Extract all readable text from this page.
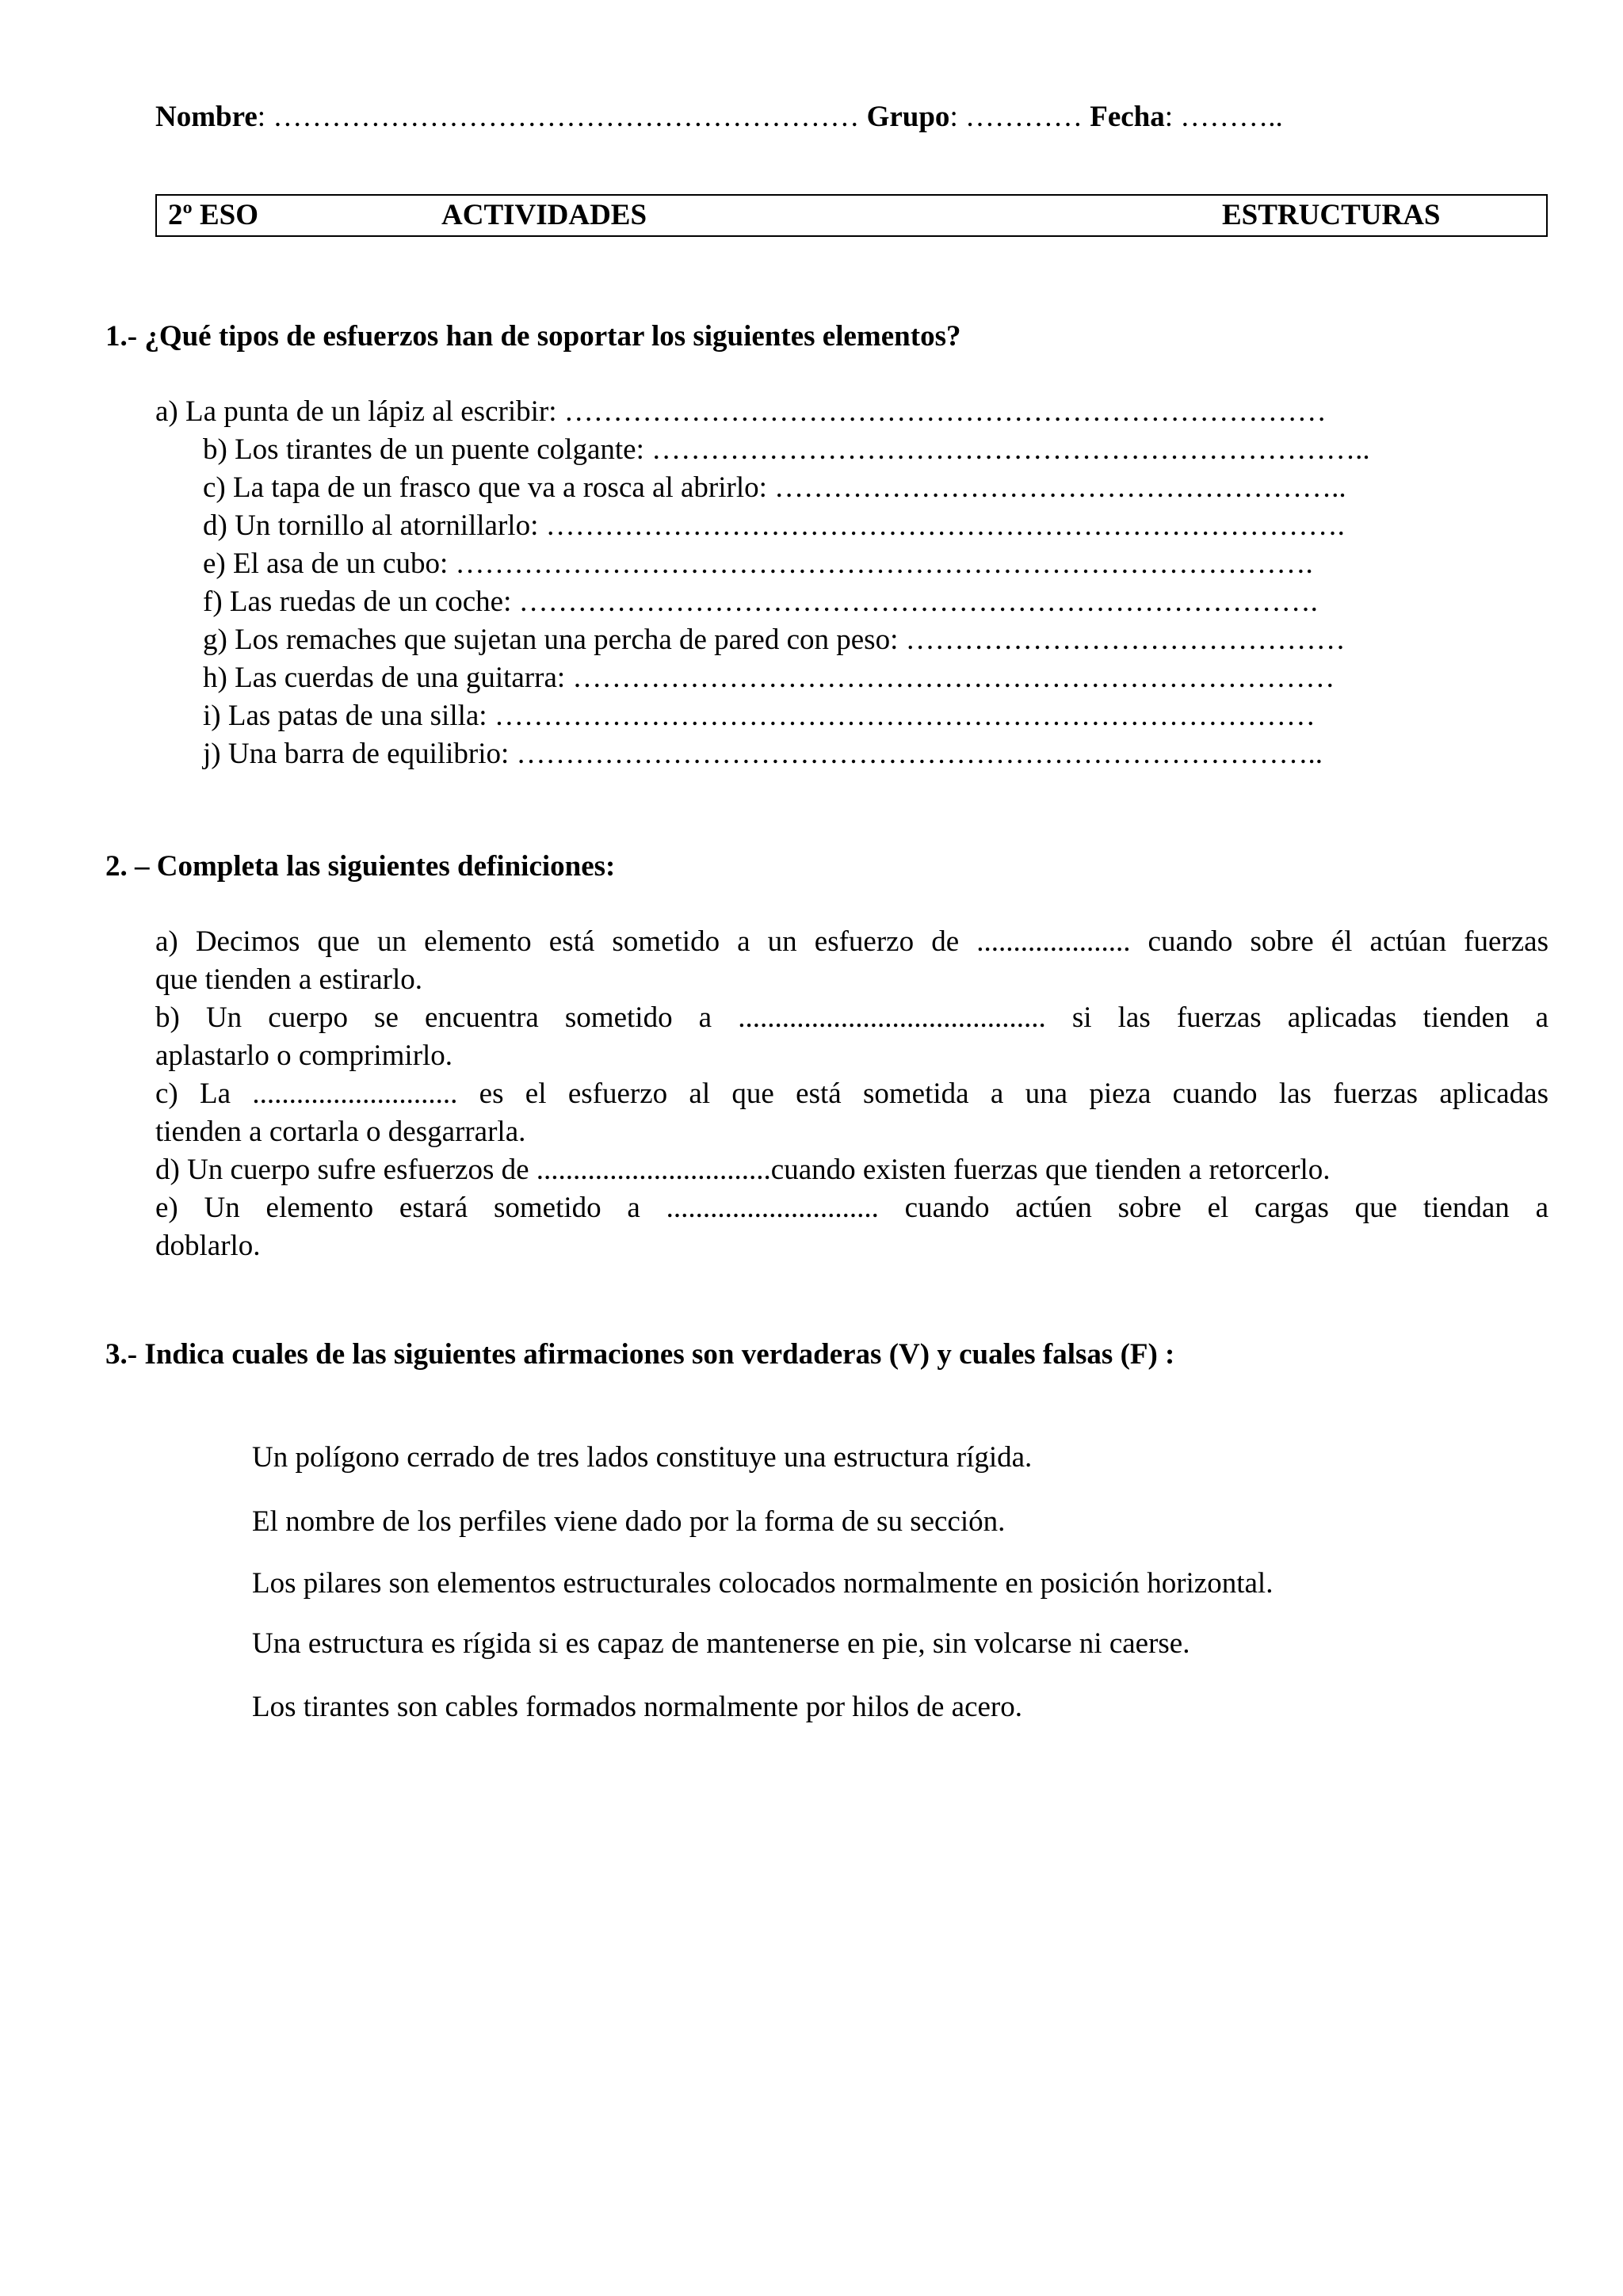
Nombre: …………………………………………………… Grupo: ………… Fecha: ………..
2º ESO	ACTIVIDADES	ESTRUCTURAS
1.- ¿Qué tipos de esfuerzos han de soportar los siguientes elementos?
a) La punta de un lápiz al escribir: ……………………………………………………………………
b) Los tirantes de un puente colgante: ………………………………………………………………..
c) La tapa de un frasco que va a rosca al abrirlo: …………………………………………………..
d) Un tornillo al atornillarlo: ……………………………………………………………………….
e) El asa de un cubo: …………………………………………………………………………….
f) Las ruedas de un coche: ……………………………………………………………………….
g) Los remaches que sujetan una percha de pared con peso: ………………………………………
h) Las cuerdas de una guitarra: ……………………………………………………………………
i) Las patas de una silla: …………………………………………………………………………
j) Una barra de equilibrio: ………………………………………………………………………..
2. – Completa las siguientes definiciones:
a) Decimos que un elemento está sometido a un esfuerzo de ..................... cuando sobre él actúan fuerzas
que tienden a estirarlo.
b) Un cuerpo se encuentra sometido a .......................................... si las fuerzas aplicadas tienden a
aplastarlo o comprimirlo.
c) La ............................ es el esfuerzo al que está sometida a una pieza cuando las fuerzas aplicadas
tienden a cortarla o desgarrarla.
d) Un cuerpo sufre esfuerzos de ................................cuando existen fuerzas que tienden a retorcerlo.
e) Un elemento estará sometido a ............................. cuando actúen sobre el cargas que tiendan a
doblarlo.
3.- Indica cuales de las siguientes afirmaciones son verdaderas (V) y cuales falsas (F) :
Un polígono cerrado de tres lados constituye una estructura rígida.
El nombre de los perfiles viene dado por la forma de su sección.
Los pilares son elementos estructurales colocados normalmente en posición horizontal.
Una estructura es rígida si es capaz de mantenerse en pie, sin volcarse ni caerse.
Los tirantes son cables formados normalmente por hilos de acero.
